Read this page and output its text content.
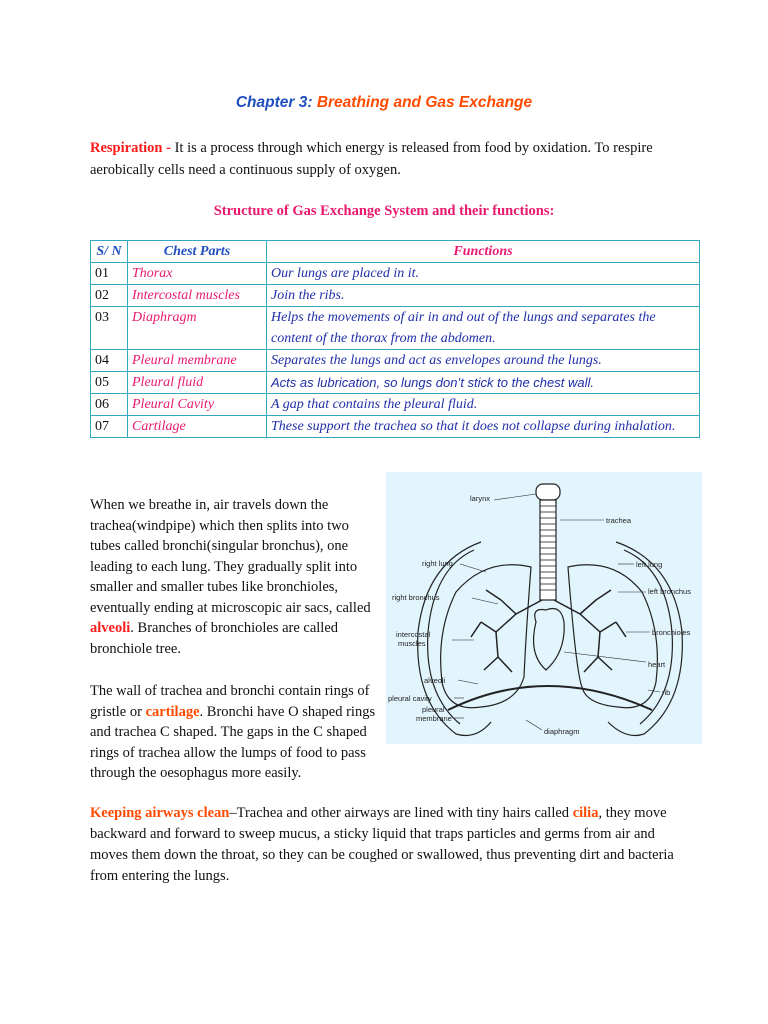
Chapter 3: Breathing and Gas Exchange
Respiration - It is a process through which energy is released from food by oxidation. To respire aerobically cells need a continuous supply of oxygen.
Structure of Gas Exchange System and their functions:
S/ N	Chest Parts	Functions
01	Thorax	Our lungs are placed in it.
02	Intercostal muscles	Join the ribs.
03	Diaphragm	Helps the movements of air in and out of the lungs and separates the content of the thorax from the abdomen.
04	Pleural membrane	Separates the lungs and act as envelopes around the lungs.
05	Pleural fluid	Acts as lubrication, so lungs don’t stick to the chest wall.
06	Pleural Cavity	A gap that contains the pleural fluid.
07	Cartilage	These support the trachea so that it does not collapse during inhalation.
When we breathe in, air travels down the trachea(windpipe) which then splits into two tubes called bronchi(singular bronchus), one leading to each lung. They gradually split into smaller and smaller tubes like bronchioles, eventually ending at microscopic air sacs, called alveoli. Branches of bronchioles are called bronchiole tree.
The wall of trachea and bronchi contain rings of gristle or cartilage. Bronchi have O shaped rings and trachea C shaped. The gaps in the C shaped rings of trachea allow the lumps of food to pass through the oesophagus more easily.
larynx
trachea
right lung	left lung
right bronchus
left bronchus
bronchioles
intercostal
muscles
heart
alveoli
rib
pleural cavity
pleural
membrane
diaphragm
Keeping airways clean–Trachea and other airways are lined with tiny hairs called cilia, they move backward and forward to sweep mucus, a sticky liquid that traps particles and germs from air and moves them down the throat, so they can be coughed or swallowed, thus preventing dirt and bacteria from entering the lungs.
